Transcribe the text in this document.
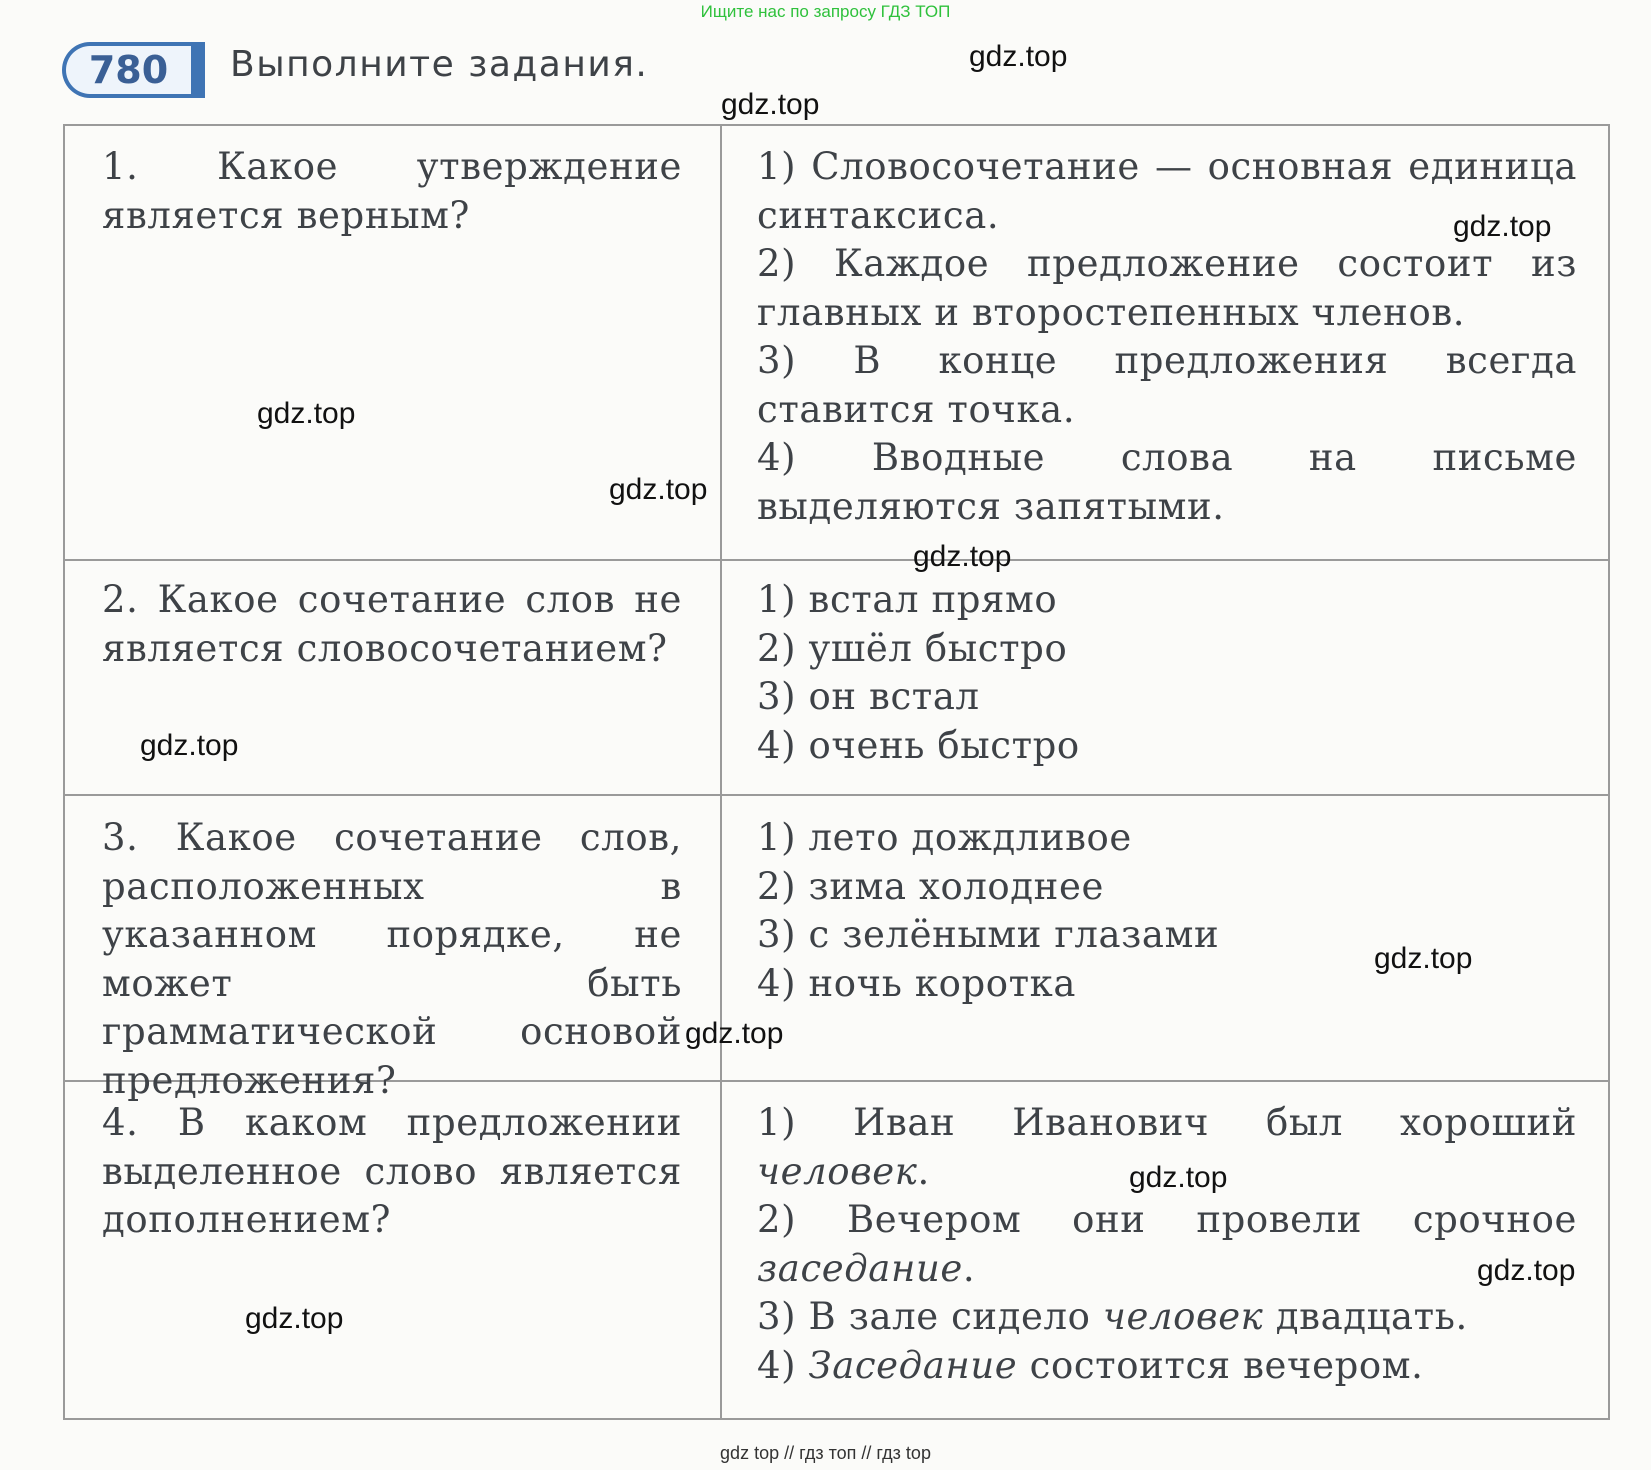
Ищите нас по запросу ГДЗ ТОП
780	Выполните задания.
1. Какое утверждение является верным?
1) Словосочетание — основная единица синтаксиса.
2) Каждое предложение состоит из главных и второстепенных членов.
3) В конце предложения всегда ставится точка.
4) Вводные слова на письме выделяются запятыми.
2. Какое сочетание слов не является словосочетанием?
1) встал прямо
2) ушёл быстро
3) он встал
4) очень быстро
3. Какое сочетание слов, расположенных в указанном порядке, не может быть грамматической основой предложения?
1) лето дождливое
2) зима холоднее
3) с зелёными глазами
4) ночь коротка
4. В каком предложении выделенное слово является дополнением?
1) Иван Иванович был хороший человек.
2) Вечером они провели срочное заседание.
3) В зале сидело человек двадцать.
4) Заседание состоится вечером.
gdz.top
gdz.top
gdz.top
gdz.top
gdz.top
gdz.top
gdz.top
gdz.top
gdz.top
gdz.top
gdz.top
gdz.top
gdz top // гдз топ // гдз top
